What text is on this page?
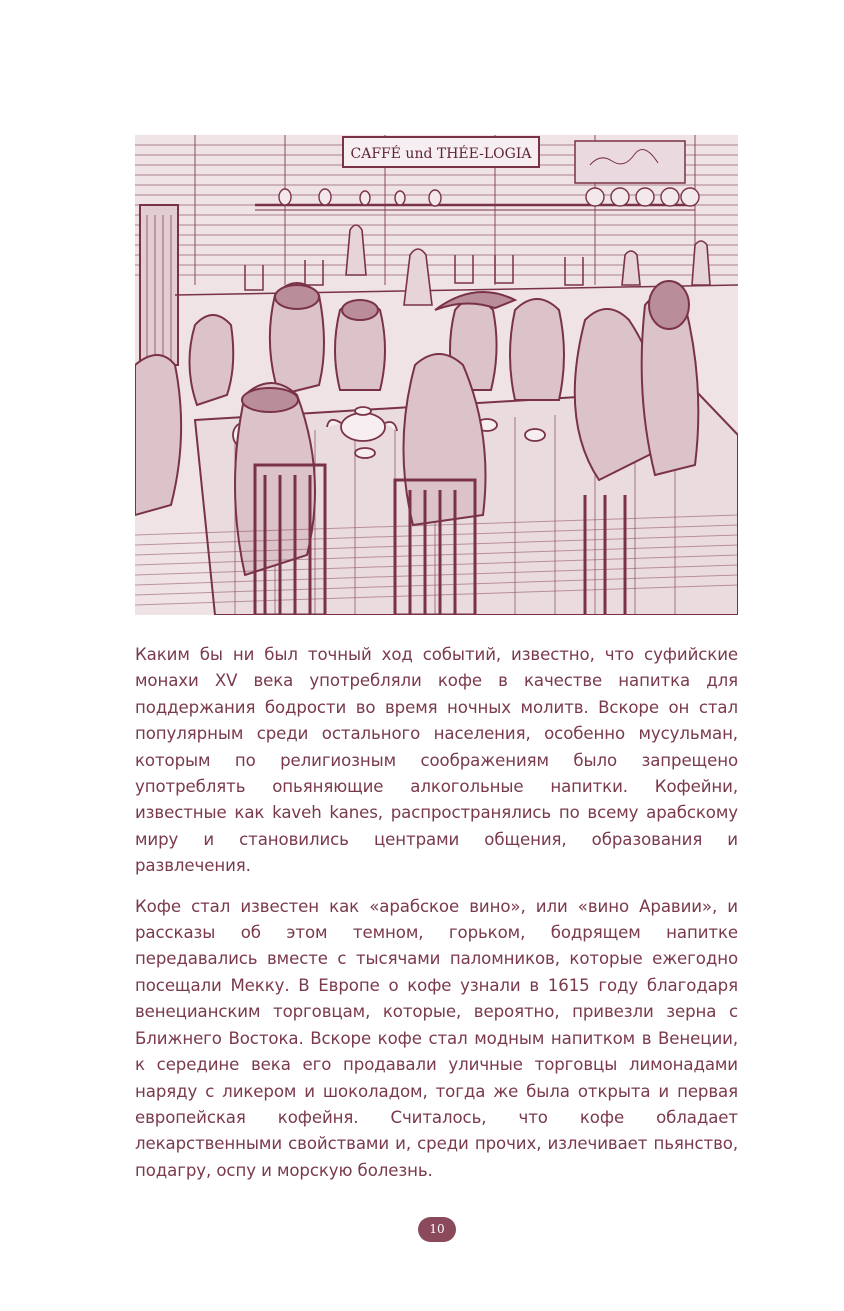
CAFFÉ und THÉE-LOGIA

Каким бы ни был точный ход событий, известно, что суфийские монахи XV века употребляли кофе в качестве напитка для поддержания бодрости во время ночных молитв. Вскоре он стал популярным среди остального населения, особенно мусульман, которым по религиозным соображениям было запрещено употреблять опьяняющие алкогольные напитки. Кофейни, известные как kaveh kanes, распространялись по всему арабскому миру и становились центрами общения, образования и развлечения.

Кофе стал известен как «арабское вино», или «вино Аравии», и рассказы об этом темном, горьком, бодрящем напитке передавались вместе с тысячами паломников, которые ежегодно посещали Мекку. В Европе о кофе узнали в 1615 году благодаря венецианским торговцам, которые, вероятно, привезли зерна с Ближнего Востока. Вскоре кофе стал модным напитком в Венеции, к середине века его продавали уличные торговцы лимонадами наряду с ликером и шоколадом, тогда же была открыта и первая европейская кофейня. Считалось, что кофе обладает лекарственными свойствами и, среди прочих, излечивает пьянство, подагру, оспу и морскую болезнь.

10
